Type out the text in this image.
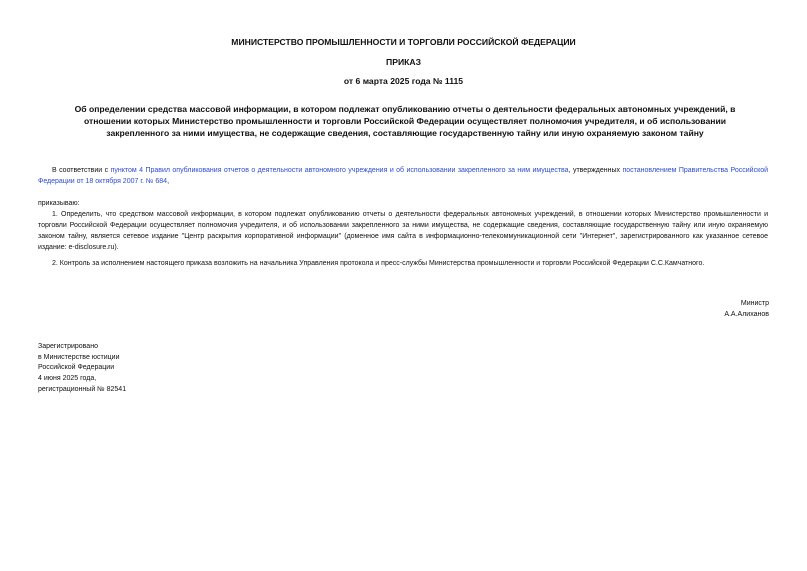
МИНИСТЕРСТВО ПРОМЫШЛЕННОСТИ И ТОРГОВЛИ РОССИЙСКОЙ ФЕДЕРАЦИИ
ПРИКАЗ
от 6 марта 2025 года № 1115
Об определении средства массовой информации, в котором подлежат опубликованию отчеты о деятельности федеральных автономных учреждений, в отношении которых Министерство промышленности и торговли Российской Федерации осуществляет полномочия учредителя, и об использовании закрепленного за ними имущества, не содержащие сведения, составляющие государственную тайну или иную охраняемую законом тайну
В соответствии с пунктом 4 Правил опубликования отчетов о деятельности автономного учреждения и об использовании закрепленного за ним имущества, утвержденных постановлением Правительства Российской Федерации от 18 октября 2007 г. № 684,
приказываю:
1. Определить, что средством массовой информации, в котором подлежат опубликованию отчеты о деятельности федеральных автономных учреждений, в отношении которых Министерство промышленности и торговли Российской Федерации осуществляет полномочия учредителя, и об использовании закрепленного за ними имущества, не содержащие сведения, составляющие государственную тайну или иную охраняемую законом тайну, является сетевое издание "Центр раскрытия корпоративной информации" (доменное имя сайта в информационно-телекоммуникационной сети "Интернет", зарегистрированного как указанное сетевое издание: e-disclosure.ru).
2. Контроль за исполнением настоящего приказа возложить на начальника Управления протокола и пресс-службы Министерства промышленности и торговли Российской Федерации С.С.Камчатного.
Министр
А.А.Алиханов
Зарегистрировано
в Министерстве юстиции
Российской Федерации
4 июня 2025 года,
регистрационный № 82541
